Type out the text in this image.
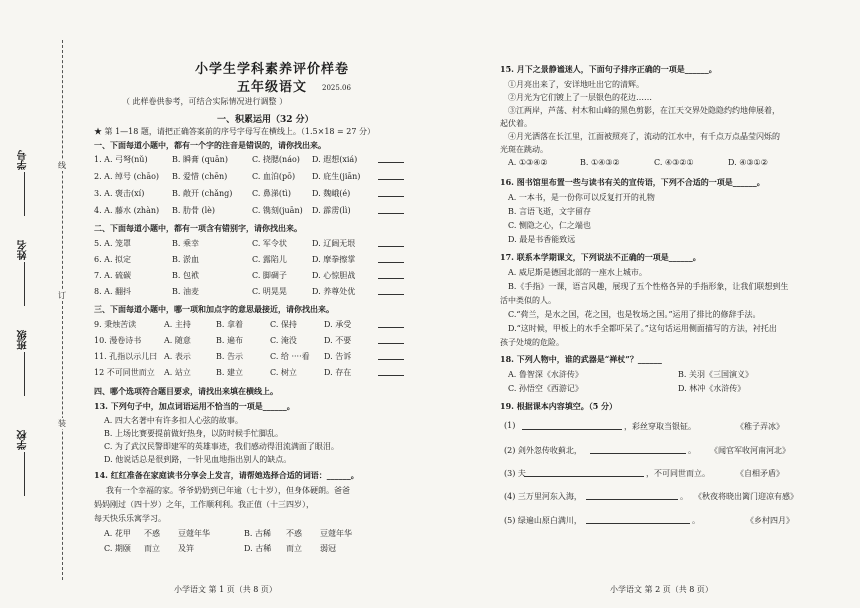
学号	线
姓名
订
班级
学校
装
小学生学科素养评价样卷
五年级语文	2025.06
（ 此样卷供参考，可结合实际情况进行调整 ）
一、积累运用（32 分）
★ 第 1—18 题，请把正确答案前的序号字母写在横线上。（1.5×18 = 27 分）
一、下面每道小题中，都有一个字的注音是错误的，请你找出来。
1. A. 弓弩(nǔ)	B. 瞬膏 (quān)	C. 挠腮(náo) D. 遐想(xiá)
2. A. 绰号 (chāo) B. 爱惜 (chēn)	C. 血泊(pō) D. 庇生(jiān)
3. A. 褒击(xí)	B. 敞开 (chǎng) C. 鼻涕(tì)	D. 魏峨(é)
4. A. 藤水 (zhàn) B. 肋骨 (lè)	C. 镌刻(juān) D. 霹雳(lì)
二、下面每道小题中，都有一项含有错别字，请你找出来。
5. A. 笼罩	B. 乘幸	C. 军令状	D. 辽阔无垠
6. A. 拟定	B. 淤血	C. 露陷儿	D. 摩拳擦掌
7. A. 硫碳	B. 包袱	C. 脚碉子	D. 心惊胆战
8. A. 翻抖	B. 油麦	C. 明晃晃	D. 养尊处优
三、下面每道小题中，哪一项和加点字的意思最接近，请你找出来。
9. 秉烛苦读	A. 主持	B. 拿着	C. 保持	D. 承受
10. 漫卷诗书	A. 随意	B. 遍布	C. 淹没	D. 不要
11. 孔指以示儿曰 A. 表示	B. 告示	C. 给 ····看 D. 告诉
12 不可同世而立 A. 站立	B. 建立	C. 树立	D. 存在
四、哪个选项符合题目要求，请找出来填在横线上。
13. 下列句子中，加点词语运用不恰当的一项是______。
A. 四大名著中有许多扣人心弦的故事。
B. 上场比赛要提前做好热身，以防时候手忙脚乱。
C. 为了武汉民警即建军的英雄事迹，我们感动得泪流满面了眼泪。
D. 他说话总是很到路，一针见血地指出别人的缺点。
14. 红红准备在家庭读书分享会上发言，请帮她选择合适的词语：______。
我有一个幸福的家。爷爷奶奶到已年逾（七十岁），但身体硬朗。爸爸
妈妈刚过（四十岁）之年，工作顺利利。我正值（十三四岁），
每天快乐乐寓学习。
A. 花甲 不惑 豆蔻年华	B. 古稀 不惑 豆蔻年华
C. 期颐 而立 及笄	D. 古稀 而立 弱冠
小学语文 第 1 页（共 8 页）
15. 月下之景静谧迷人，下面句子排序正确的一项是______。
①月亮出来了，安详地吐出它的清辉。
②月光为它们镀上了一层银色的花边……
③江两岸，芦荡、村木和山峰的黑色剪影，在江天交界处隐隐约约地伸展着，
起伏着。
④月光洒落在长江里，江面被照亮了，流动的江水中，有千点万点晶莹闪烁的
光斑在跳动。
A. ①③④②	B. ①④③②	C. ④③②①	D. ④③①②
16. 图书馆里布置一些与读书有关的宣传语，下列不合适的一项是______。
A. 一本书，是一份你可以反复打开的礼物
B. 言语飞逝，文字留存
C. 恻隐之心，仁之端也
D. 最是书香能致远
17. 联系本学期课文，下列说法不正确的一项是______。
A. 威尼斯是德国北部的一座水上城市。
B.《手指》一课，语言风趣，展现了五个性格各异的手指形象，让我们联想到生
活中类似的人。
C.“荷兰，是水之国，花之国，也是牧场之国。”运用了排比的修辞手法。
D.“这时候，甲板上的水手全都吓呆了。”这句话运用侧面描写的方法，衬托出
孩子处境的危险。
18. 下列人物中，谁的武器是“禅杖”？______
A. 鲁智深《水浒传》	B. 关羽《三国演义》
C. 孙悟空《西游记》	D. 林冲《水浒传》
19. 根据课本内容填空。（5 分）
(1)	，彩丝穿取当银钲。	《稚子弄冰》
(2) 剑外忽传收蓟北，	。 《闻官军收河南河北》
(3) 夫	，不可同世而立。	《自相矛盾》
(4) 三万里河东入海，	。 《秋夜将晓出篱门迎凉有感》
(5) 绿遍山原白满川，	。	《乡村四月》
小学语文 第 2 页（共 8 页）
